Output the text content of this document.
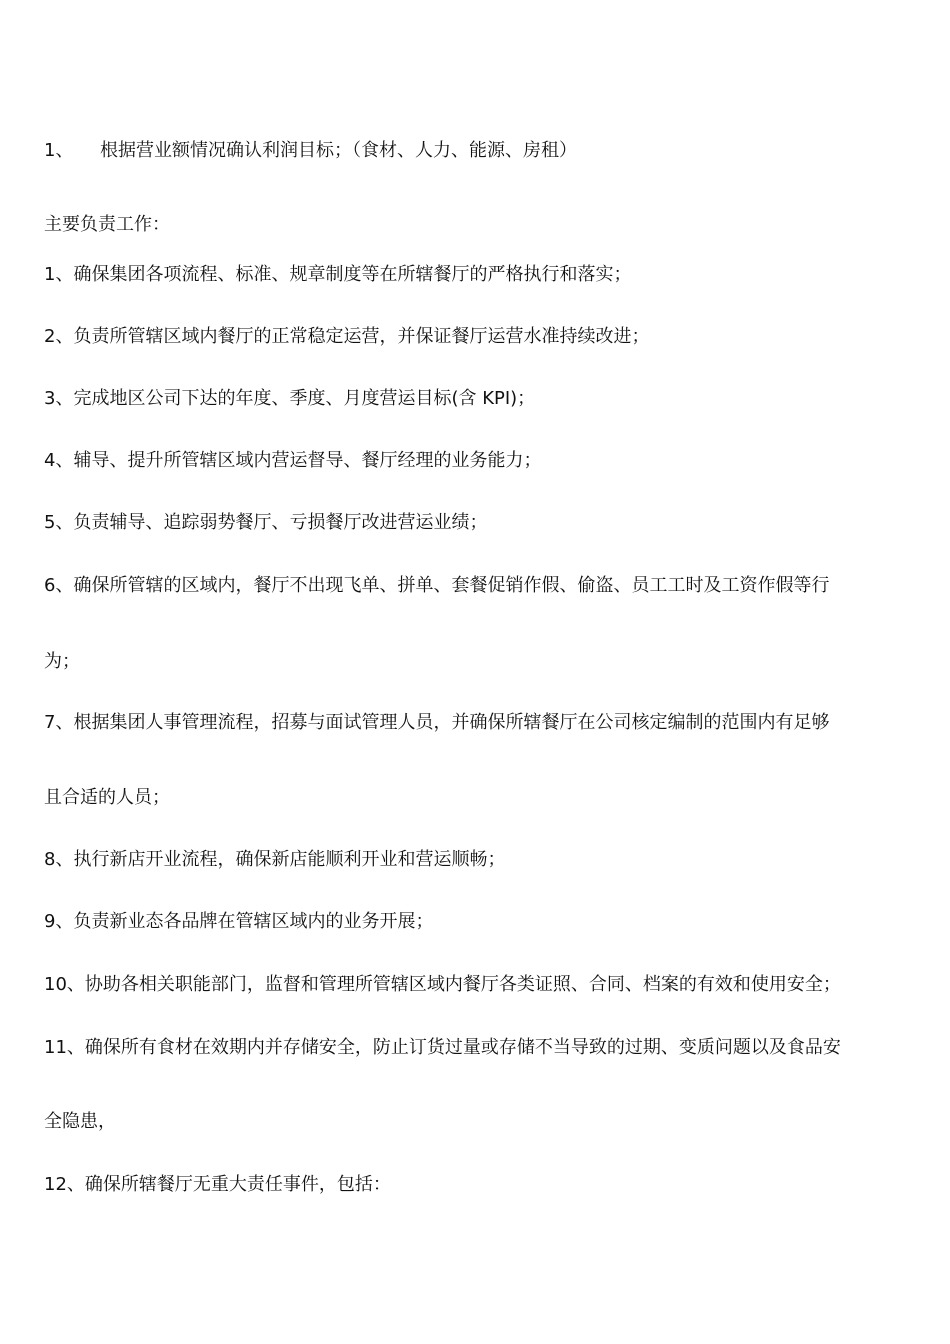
1、 根据营业额情况确认利润目标；（食材、人力、能源、房租）
主要负责工作：
1、确保集团各项流程、标准、规章制度等在所辖餐厅的严格执行和落实；
2、负责所管辖区域内餐厅的正常稳定运营，并保证餐厅运营水准持续改进；
3、完成地区公司下达的年度、季度、月度营运目标(含 KPI)；
4、辅导、提升所管辖区域内营运督导、餐厅经理的业务能力；
5、负责辅导、追踪弱势餐厅、亏损餐厅改进营运业绩；
6、确保所管辖的区域内，餐厅不出现飞单、拼单、套餐促销作假、偷盗、员工工时及工资作假等行
为；
7、根据集团人事管理流程，招募与面试管理人员，并确保所辖餐厅在公司核定编制的范围内有足够
且合适的人员；
8、执行新店开业流程，确保新店能顺利开业和营运顺畅；
9、负责新业态各品牌在管辖区域内的业务开展；
10、协助各相关职能部门，监督和管理所管辖区域内餐厅各类证照、合同、档案的有效和使用安全；
11、确保所有食材在效期内并存储安全，防止订货过量或存储不当导致的过期、变质问题以及食品安
全隐患，
12、确保所辖餐厅无重大责任事件，包括：
